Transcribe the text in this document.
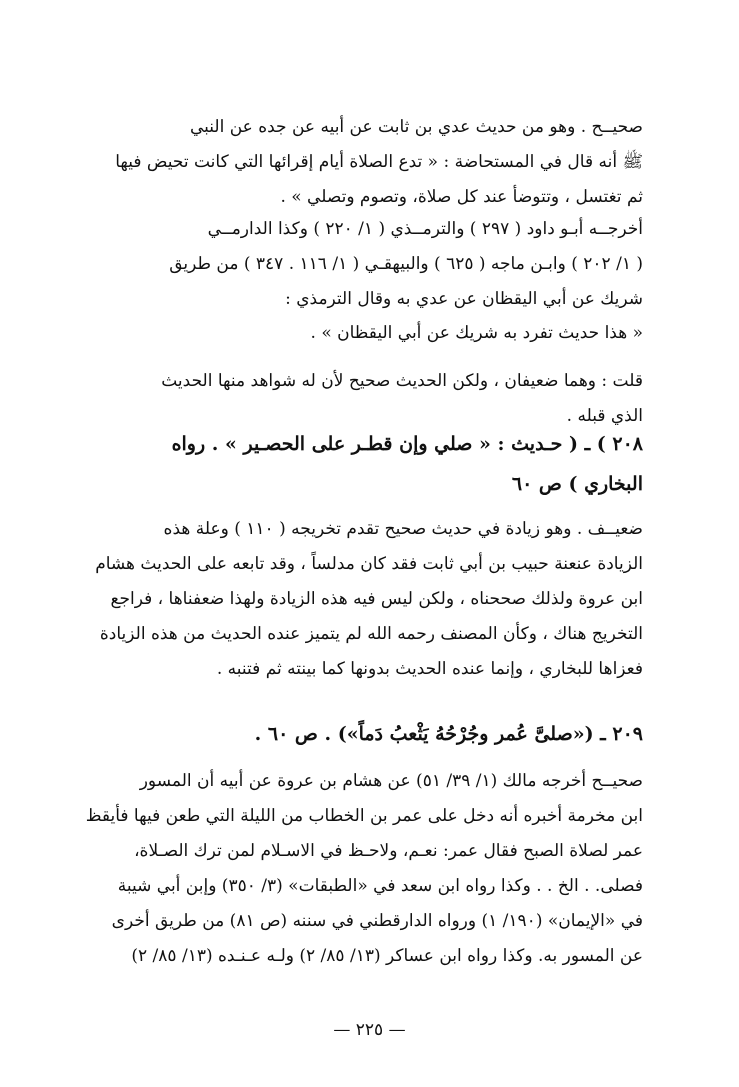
صحيــح . وهو من حديث عدي بن ثابت عن أبيه عن جده عن النبي
ﷺ أنه قال في المستحاضة : « تدع الصلاة أيام إقرائها التي كانت تحيض فيها
ثم تغتسل ، وتتوضأ عند كل صلاة، وتصوم وتصلي » .
أخرجــه أبـو داود ( ٢٩٧ ) والترمــذي ( ١/ ٢٢٠ ) وكذا الدارمــي
( ١/ ٢٠٢ ) وابـن ماجه ( ٦٢٥ ) والبيهقـي ( ١/ ١١٦ . ٣٤٧ ) من طريق
شريك عن أبي اليقظان عن عدي به وقال الترمذي :
« هذا حديث تفرد به شريك عن أبي اليقظان » .
قلت : وهما ضعيفان ، ولكن الحديث صحيح لأن له شواهد منها الحديث
الذي قبله .
٢٠٨ ) ـ ( حـديث : « صلي وإن قطـر على الحصـير » . رواه
البخاري ) ص ٦٠
ضعيــف . وهو زيادة في حديث صحيح تقدم تخريجه ( ١١٠ ) وعلة هذه
الزيادة عنعنة حبيب بن أبي ثابت فقد كان مدلساً ، وقد تابعه على الحديث هشام
ابن عروة ولذلك صححناه ، ولكن ليس فيه هذه الزيادة ولهذا ضعفناها ، فراجع
التخريج هناك ، وكأن المصنف رحمه الله لم يتميز عنده الحديث من هذه الزيادة
فعزاها للبخاري ، وإنما عنده الحديث بدونها كما بينته ثم فتنبه .
٢٠٩ ـ («صلىَّ عُمر وجُرْحُهُ يَثْعبُ دَماً») . ص ٦٠ .
صحيــح أخرجه مالك (١/ ٣٩/ ٥١) عن هشام بن عروة عن أبيه أن المسور
ابن مخرمة أخبره أنه دخل على عمر بن الخطاب من الليلة التي طعن فيها فأيقظ
عمر لصلاة الصبح فقال عمر: نعـم، ولاحـظ في الاسـلام لمن ترك الصـلاة،
فصلى. . الخ . . وكذا رواه ابن سعد في «الطبقات» (٣/ ٣٥٠) وإبن أبي شيبة
في «الإيمان» (١٩٠/ ١) ورواه الدارقطني في سننه (ص ٨١) من طريق أخرى
عن المسور به. وكذا رواه ابن عساكر (١٣/ ٨٥/ ٢) ولـه عـنـده (١٣/ ٨٥/ ٢)
— ٢٢٥ —
